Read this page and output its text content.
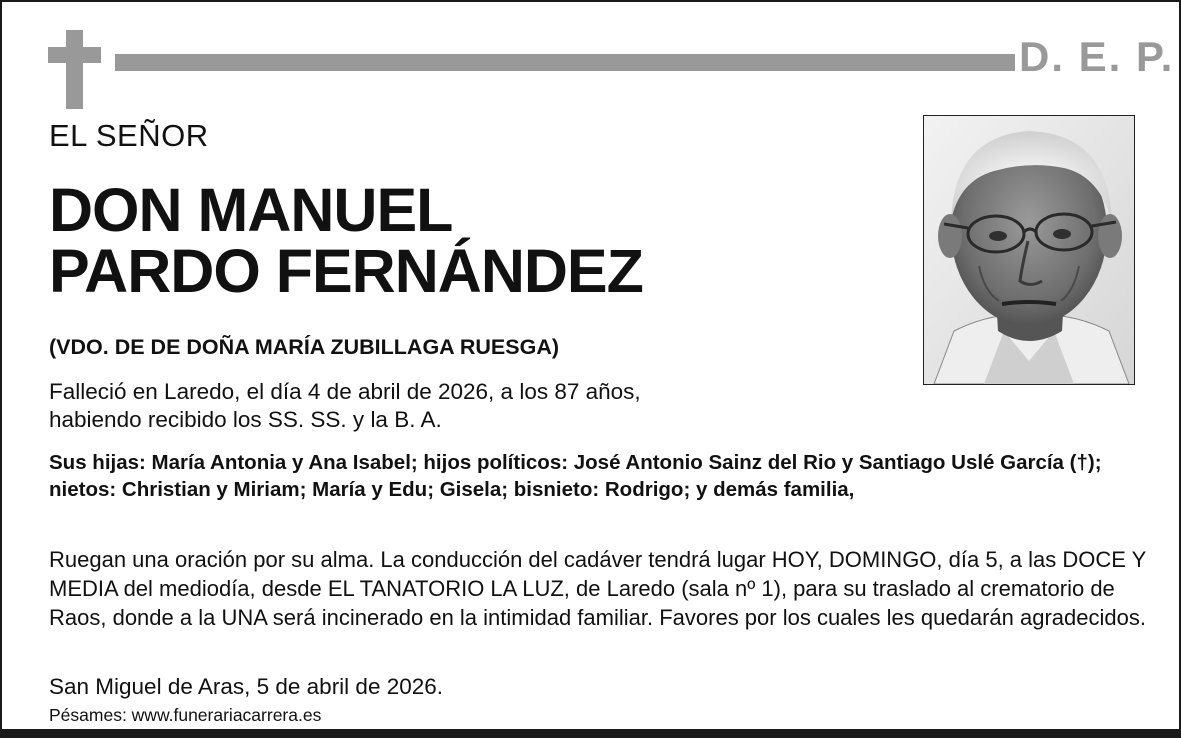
D. E. P.
EL SEÑOR
DON MANUEL
PARDO FERNÁNDEZ
(VDO. DE DE DOÑA MARÍA ZUBILLAGA RUESGA)
Falleció en Laredo, el día 4 de abril de 2026, a los 87 años,
habiendo recibido los SS. SS. y la B. A.
Sus hijas: María Antonia y Ana Isabel; hijos políticos: José Antonio Sainz del Rio y Santiago Uslé García (†); nietos: Christian y Miriam; María y Edu; Gisela; bisnieto: Rodrigo; y demás familia,
Ruegan una oración por su alma. La conducción del cadáver tendrá lugar HOY, DOMINGO, día 5, a las DOCE Y MEDIA del mediodía, desde EL TANATORIO LA LUZ, de Laredo (sala nº 1), para su traslado al crematorio de Raos, donde a la UNA será incinerado en la intimidad familiar. Favores por los cuales les quedarán agradecidos.
San Miguel de Aras, 5 de abril de 2026.
Pésames: www.funerariacarrera.es
